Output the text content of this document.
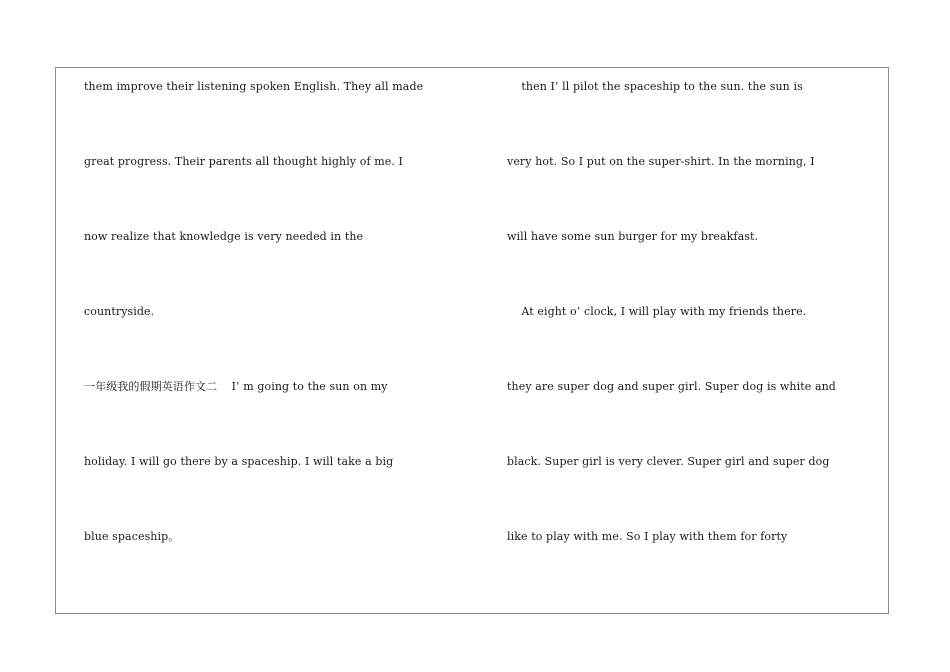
them improve their listening spoken English. They all made
great progress. Their parents all thought highly of me. I
now realize that knowledge is very needed in the
countryside.
一年级我的假期英语作文二    I’ m going to the sun on my
holiday. I will go there by a spaceship. I will take a big
blue spaceship。
then I’ ll pilot the spaceship to the sun. the sun is
very hot. So I put on the super-shirt. In the morning, I
will have some sun burger for my breakfast.
At eight o’ clock, I will play with my friends there.
they are super dog and super girl. Super dog is white and
black. Super girl is very clever. Super girl and super dog
like to play with me. So I play with them for forty
